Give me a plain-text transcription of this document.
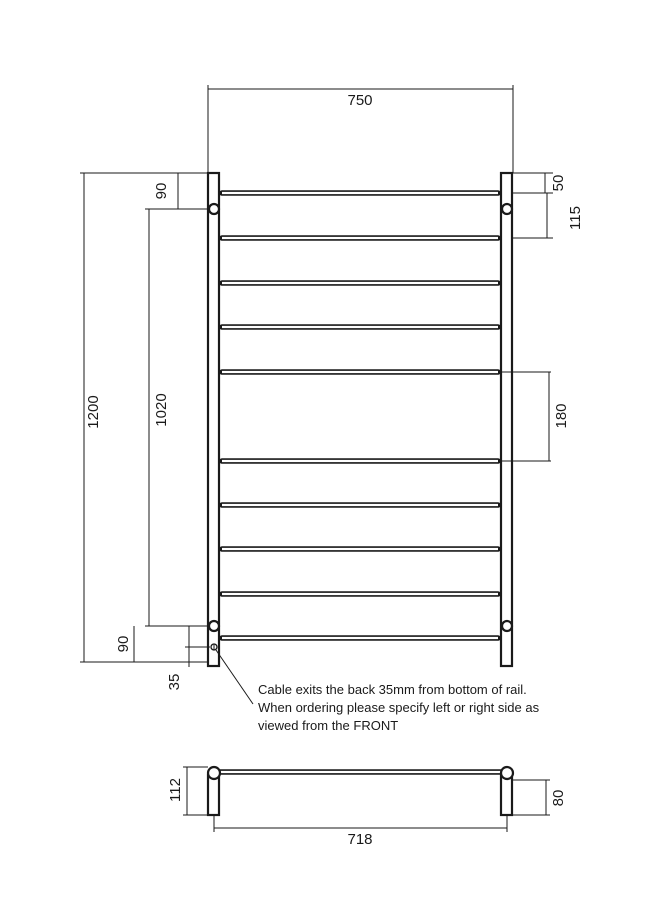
750
1200	1020
90
90
35
50
115
180
Cable exits the back 35mm from bottom of rail.
When ordering please specify left or right side as
viewed from the FRONT
112	80
718
